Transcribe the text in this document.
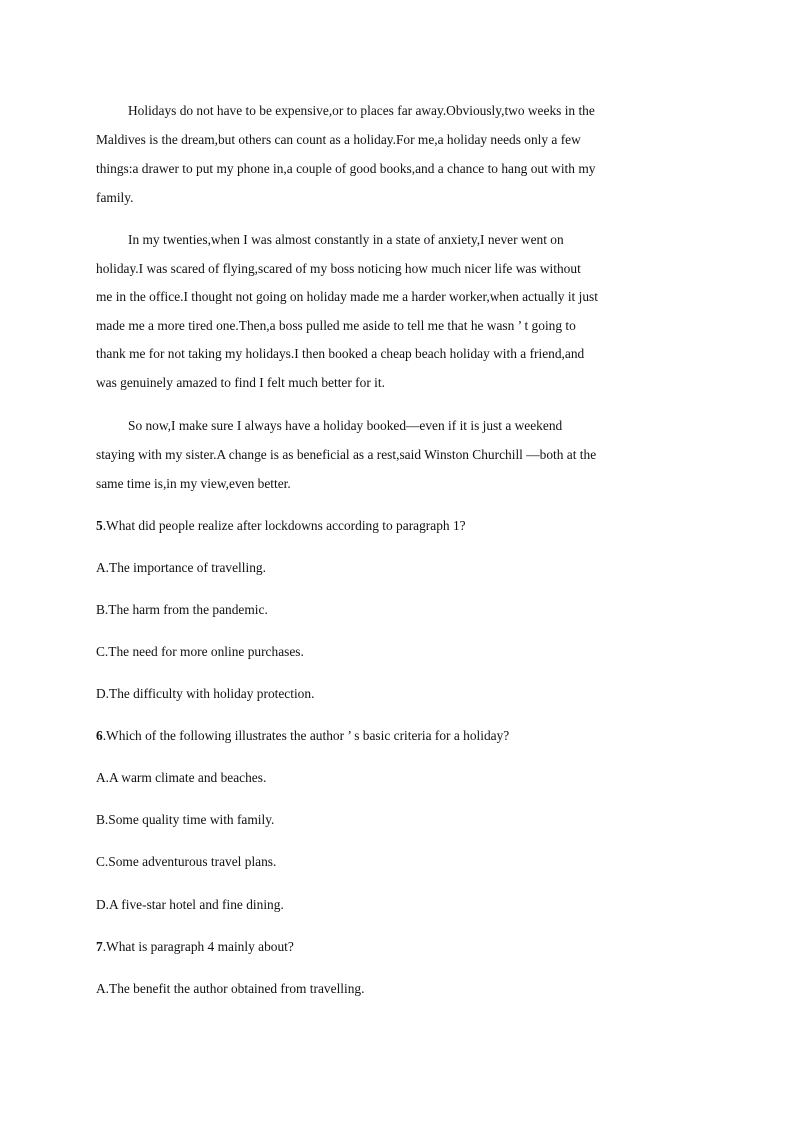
Holidays do not have to be expensive,or to places far away.Obviously,two weeks in the
Maldives is the dream,but others can count as a holiday.For me,a holiday needs only a few
things:a drawer to put my phone in,a couple of good books,and a chance to hang out with my
family.
In my twenties,when I was almost constantly in a state of anxiety,I never went on
holiday.I was scared of flying,scared of my boss noticing how much nicer life was without
me in the office.I thought not going on holiday made me a harder worker,when actually it just
made me a more tired one.Then,a boss pulled me aside to tell me that he wasn ’ t going to
thank me for not taking my holidays.I then booked a cheap beach holiday with a friend,and
was genuinely amazed to find I felt much better for it.
So now,I make sure I always have a holiday booked—even if it is just a weekend
staying with my sister.A change is as beneficial as a rest,said Winston Churchill —both at the
same time is,in my view,even better.
5.What did people realize after lockdowns according to paragraph 1?
A.The importance of travelling.
B.The harm from the pandemic.
C.The need for more online purchases.
D.The difficulty with holiday protection.
6.Which of the following illustrates the author ’ s basic criteria for a holiday?
A.A warm climate and beaches.
B.Some quality time with family.
C.Some adventurous travel plans.
D.A five-star hotel and fine dining.
7.What is paragraph 4 mainly about?
A.The benefit the author obtained from travelling.
